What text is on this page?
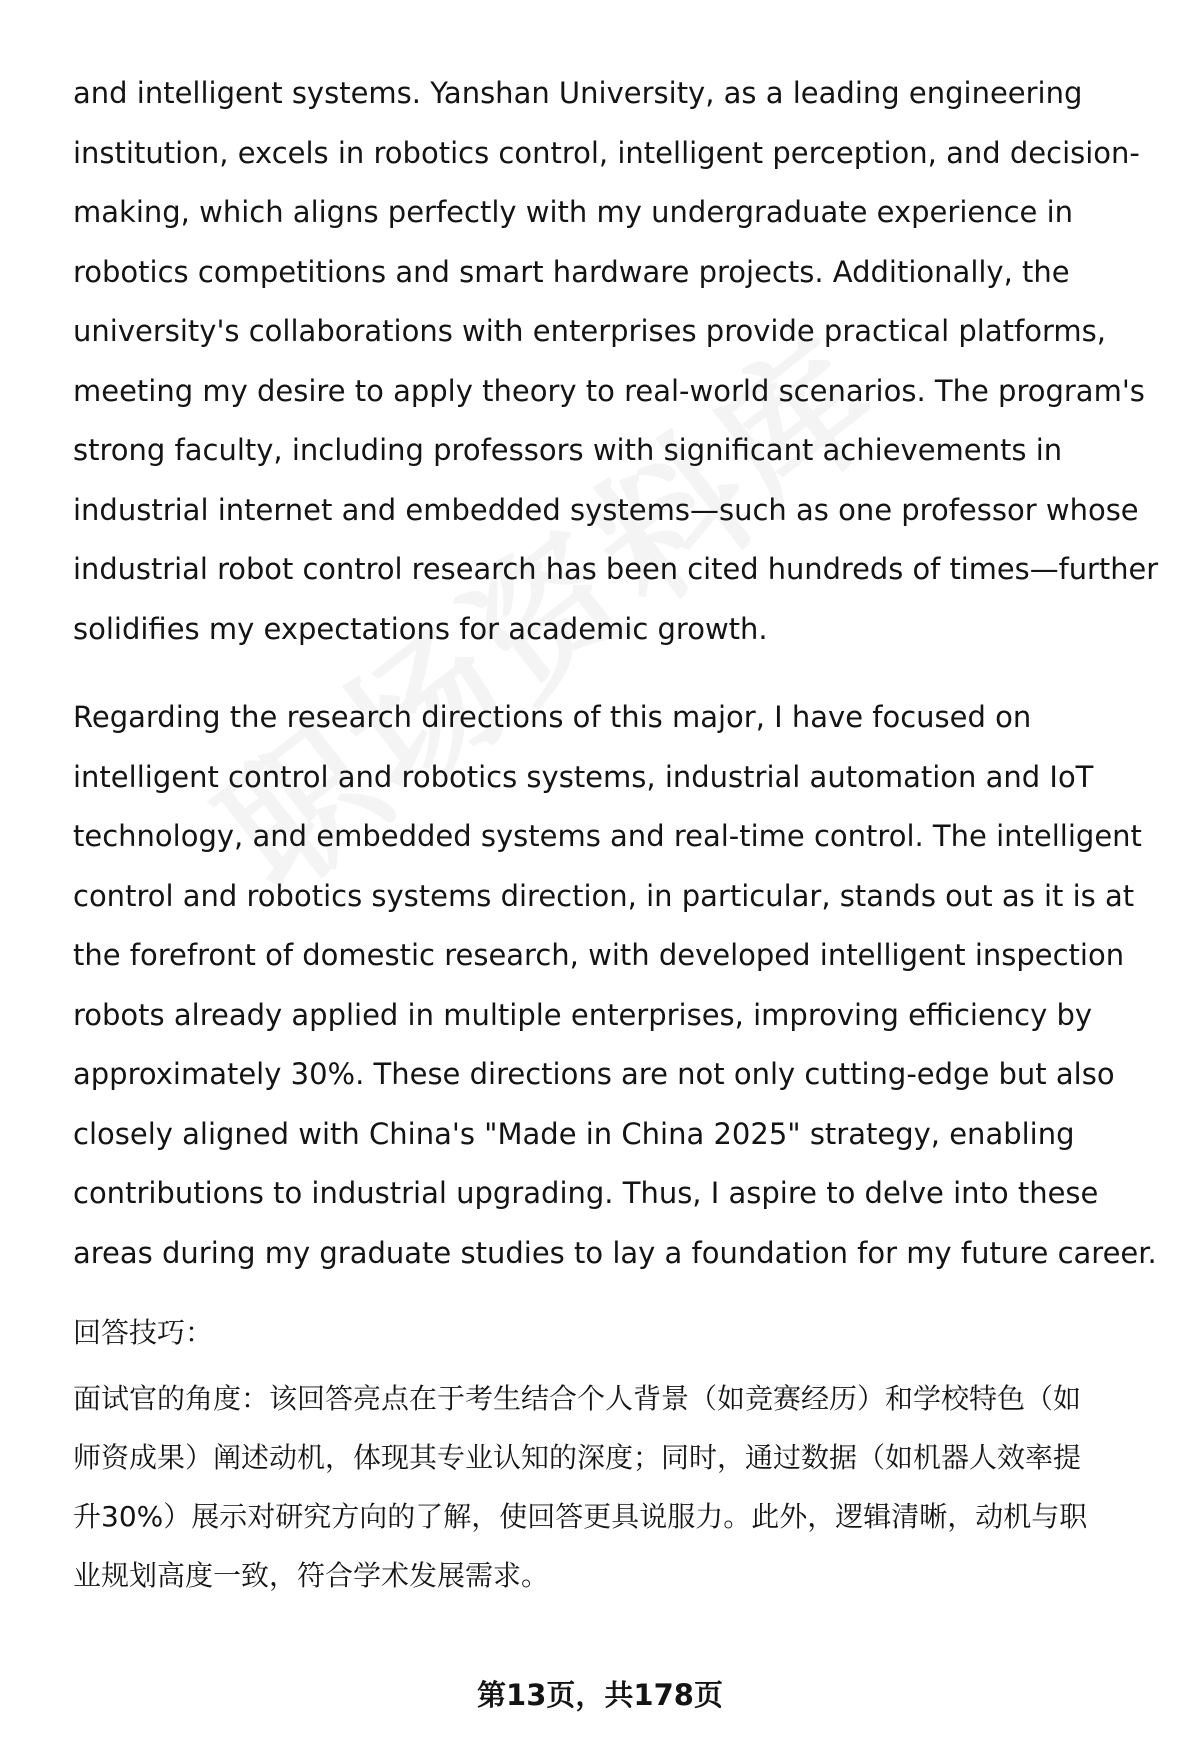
and intelligent systems. Yanshan University, as a leading engineering
institution, excels in robotics control, intelligent perception, and decision-
making, which aligns perfectly with my undergraduate experience in
robotics competitions and smart hardware projects. Additionally, the
university's collaborations with enterprises provide practical platforms,
meeting my desire to apply theory to real-world scenarios. The program's
strong faculty, including professors with significant achievements in
industrial internet and embedded systems—such as one professor whose
industrial robot control research has been cited hundreds of times—further
solidifies my expectations for academic growth.

Regarding the research directions of this major, I have focused on
intelligent control and robotics systems, industrial automation and IoT
technology, and embedded systems and real-time control. The intelligent
control and robotics systems direction, in particular, stands out as it is at
the forefront of domestic research, with developed intelligent inspection
robots already applied in multiple enterprises, improving efficiency by
approximately 30%. These directions are not only cutting-edge but also
closely aligned with China's "Made in China 2025" strategy, enabling
contributions to industrial upgrading. Thus, I aspire to delve into these
areas during my graduate studies to lay a foundation for my future career.

回答技巧：

面试官的角度：该回答亮点在于考生结合个人背景（如竞赛经历）和学校特色（如
师资成果）阐述动机，体现其专业认知的深度；同时，通过数据（如机器人效率提
升30%）展示对研究方向的了解，使回答更具说服力。此外，逻辑清晰，动机与职
业规划高度一致，符合学术发展需求。
第13页，共178页
